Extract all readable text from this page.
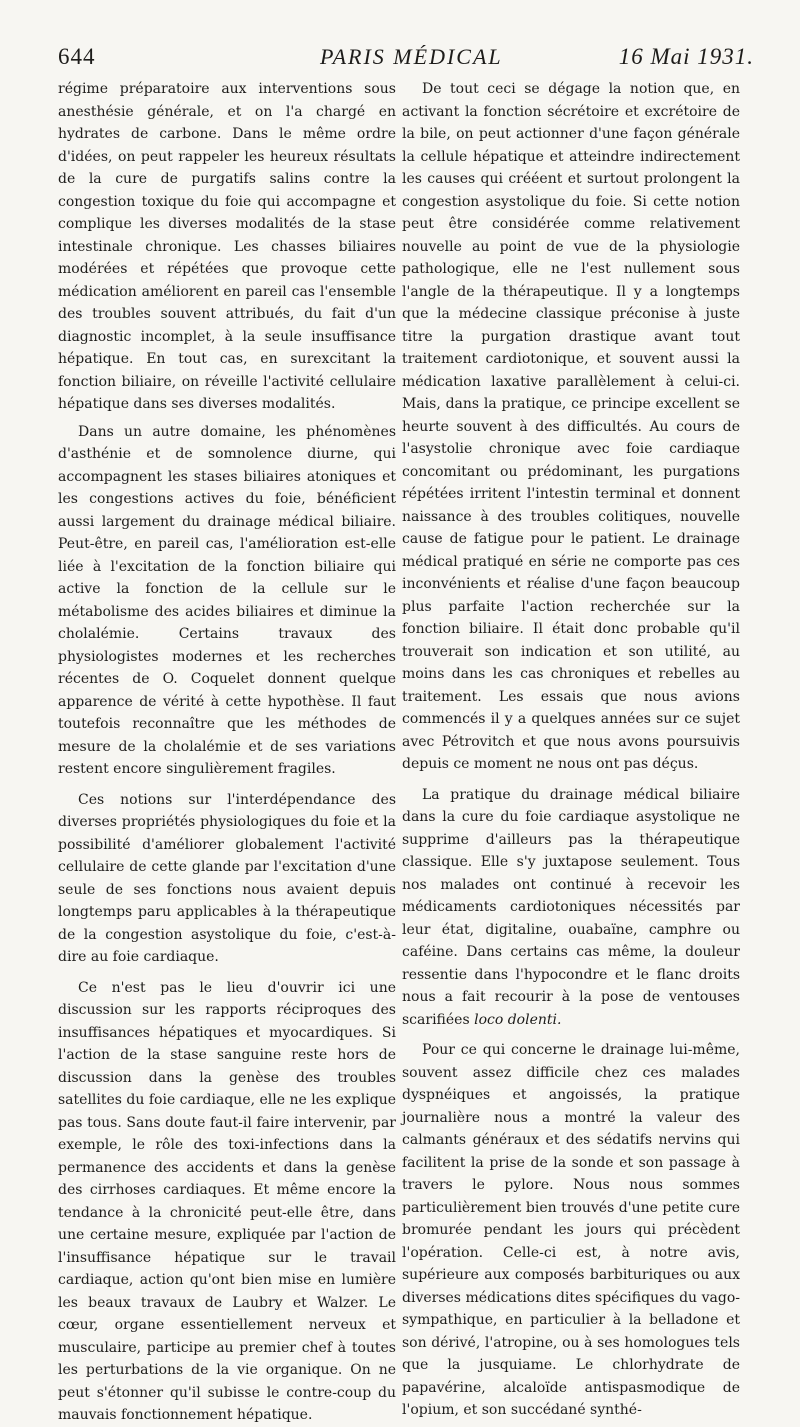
644	PARIS MÉDICAL	16 Mai 1931.

régime préparatoire aux interventions sous anesthésie générale, et on l'a chargé en hydrates de carbone. Dans le même ordre d'idées, on peut rappeler les heureux résultats de la cure de purgatifs salins contre la congestion toxique du foie qui accompagne et complique les diverses modalités de la stase intestinale chronique. Les chasses biliaires modérées et répétées que provoque cette médication améliorent en pareil cas l'ensemble des troubles souvent attribués, du fait d'un diagnostic incomplet, à la seule insuffisance hépatique. En tout cas, en surexcitant la fonction biliaire, on réveille l'activité cellulaire hépatique dans ses diverses modalités.

Dans un autre domaine, les phénomènes d'asthénie et de somnolence diurne, qui accompagnent les stases biliaires atoniques et les congestions actives du foie, bénéficient aussi largement du drainage médical biliaire. Peut-être, en pareil cas, l'amélioration est-elle liée à l'excitation de la fonction biliaire qui active la fonction de la cellule sur le métabolisme des acides biliaires et diminue la cholalémie. Certains travaux des physiologistes modernes et les recherches récentes de O. Coquelet donnent quelque apparence de vérité à cette hypothèse. Il faut toutefois reconnaître que les méthodes de mesure de la cholalémie et de ses variations restent encore singulièrement fragiles.

Ces notions sur l'interdépendance des diverses propriétés physiologiques du foie et la possibilité d'améliorer globalement l'activité cellulaire de cette glande par l'excitation d'une seule de ses fonctions nous avaient depuis longtemps paru applicables à la thérapeutique de la congestion asystolique du foie, c'est-à-dire au foie cardiaque.

Ce n'est pas le lieu d'ouvrir ici une discussion sur les rapports réciproques des insuffisances hépatiques et myocardiques. Si l'action de la stase sanguine reste hors de discussion dans la genèse des troubles satellites du foie cardiaque, elle ne les explique pas tous. Sans doute faut-il faire intervenir, par exemple, le rôle des toxi-infections dans la permanence des accidents et dans la genèse des cirrhoses cardiaques. Et même encore la tendance à la chronicité peut-elle être, dans une certaine mesure, expliquée par l'action de l'insuffisance hépatique sur le travail cardiaque, action qu'ont bien mise en lumière les beaux travaux de Laubry et Walzer. Le cœur, organe essentiellement nerveux et musculaire, participe au premier chef à toutes les perturbations de la vie organique. On ne peut s'étonner qu'il subisse le contre-coup du mauvais fonctionnement hépatique.

De tout ceci se dégage la notion que, en activant la fonction sécrétoire et excrétoire de la bile, on peut actionner d'une façon générale la cellule hépatique et atteindre indirectement les causes qui crééent et surtout prolongent la congestion asystolique du foie. Si cette notion peut être considérée comme relativement nouvelle au point de vue de la physiologie pathologique, elle ne l'est nullement sous l'angle de la thérapeutique. Il y a longtemps que la médecine classique préconise à juste titre la purgation drastique avant tout traitement cardiotonique, et souvent aussi la médication laxative parallèlement à celui-ci. Mais, dans la pratique, ce principe excellent se heurte souvent à des difficultés. Au cours de l'asystolie chronique avec foie cardiaque concomitant ou prédominant, les purgations répétées irritent l'intestin terminal et donnent naissance à des troubles colitiques, nouvelle cause de fatigue pour le patient. Le drainage médical pratiqué en série ne comporte pas ces inconvénients et réalise d'une façon beaucoup plus parfaite l'action recherchée sur la fonction biliaire. Il était donc probable qu'il trouverait son indication et son utilité, au moins dans les cas chroniques et rebelles au traitement. Les essais que nous avions commencés il y a quelques années sur ce sujet avec Pétrovitch et que nous avons poursuivis depuis ce moment ne nous ont pas déçus.

La pratique du drainage médical biliaire dans la cure du foie cardiaque asystolique ne supprime d'ailleurs pas la thérapeutique classique. Elle s'y juxtapose seulement. Tous nos malades ont continué à recevoir les médicaments cardiotoniques nécessités par leur état, digitaline, ouabaïne, camphre ou caféine. Dans certains cas même, la douleur ressentie dans l'hypocondre et le flanc droits nous a fait recourir à la pose de ventouses scarifiées loco dolenti.

Pour ce qui concerne le drainage lui-même, souvent assez difficile chez ces malades dyspnéiques et angoissés, la pratique journalière nous a montré la valeur des calmants généraux et des sédatifs nervins qui facilitent la prise de la sonde et son passage à travers le pylore. Nous nous sommes particulièrement bien trouvés d'une petite cure bromurée pendant les jours qui précèdent l'opération. Celle-ci est, à notre avis, supérieure aux composés barbituriques ou aux diverses médications dites spécifiques du vago-sympathique, en particulier à la belladone et son dérivé, l'atropine, ou à ses homologues tels que la jusquiame. Le chlorhydrate de papavérine, alcaloïde antispasmodique de l'opium, et son succédané synthé-
